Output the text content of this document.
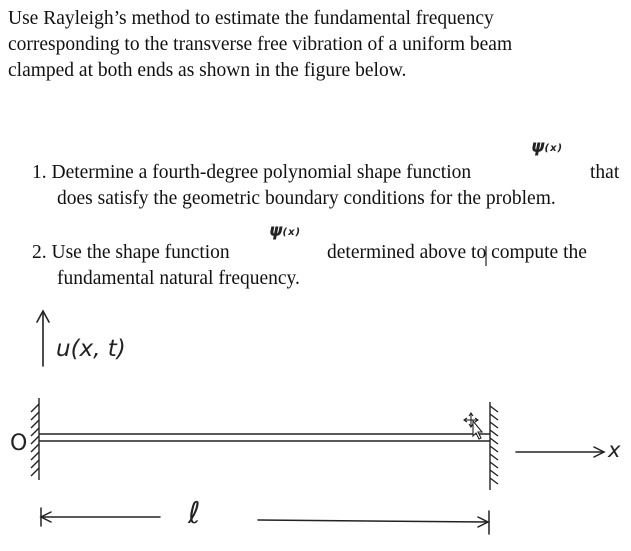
Use Rayleigh’s method to estimate the fundamental frequency
corresponding to the transverse free vibration of a uniform beam
clamped at both ends as shown in the figure below.
1. Determine a fourth-degree polynomial shape function	that
does satisfy the geometric boundary conditions for the problem.
ψ(x)
2. Use the shape function	determined above to compute the
fundamental natural frequency.
ψ(x)
u(x, t)
O	x
ℓ
